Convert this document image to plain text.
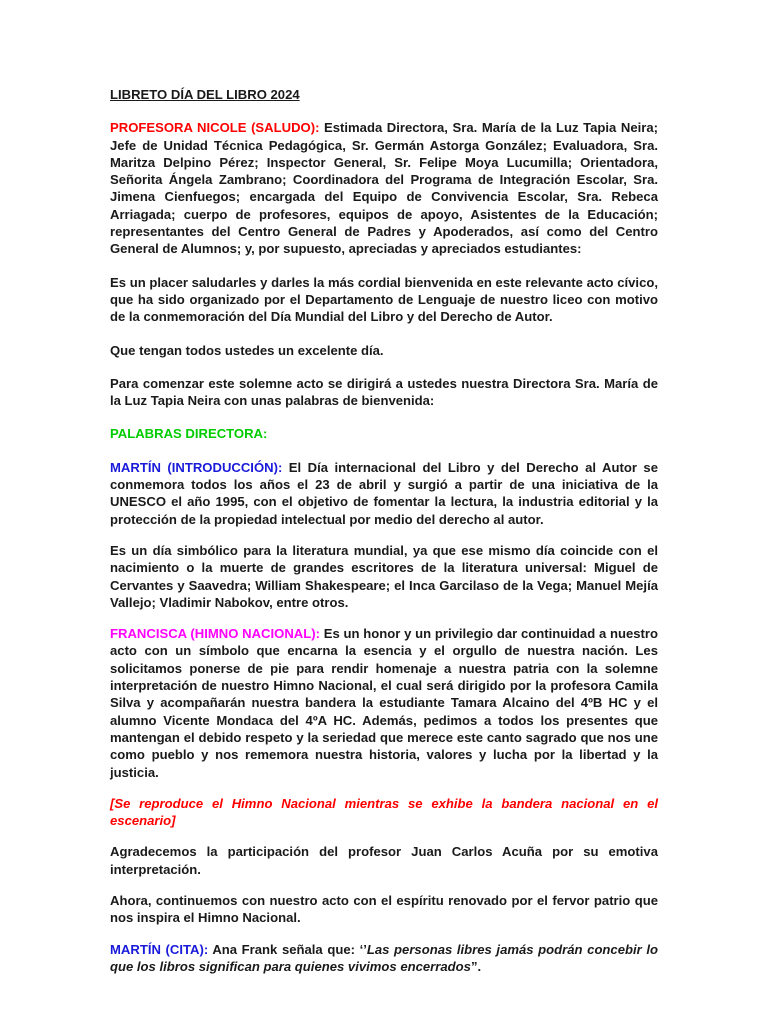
LIBRETO DÍA DEL LIBRO 2024

PROFESORA NICOLE (SALUDO): Estimada Directora, Sra. María de la Luz Tapia Neira; Jefe de Unidad Técnica Pedagógica, Sr. Germán Astorga González; Evaluadora, Sra. Maritza Delpino Pérez; Inspector General, Sr. Felipe Moya Lucumilla; Orientadora, Señorita Ángela Zambrano; Coordinadora del Programa de Integración Escolar, Sra. Jimena Cienfuegos; encargada del Equipo de Convivencia Escolar, Sra. Rebeca Arriagada; cuerpo de profesores, equipos de apoyo, Asistentes de la Educación; representantes del Centro General de Padres y Apoderados, así como del Centro General de Alumnos; y, por supuesto, apreciadas y apreciados estudiantes:

Es un placer saludarles y darles la más cordial bienvenida en este relevante acto cívico, que ha sido organizado por el Departamento de Lenguaje de nuestro liceo con motivo de la conmemoración del Día Mundial del Libro y del Derecho de Autor.

Que tengan todos ustedes un excelente día.

Para comenzar este solemne acto se dirigirá a ustedes nuestra Directora Sra. María de la Luz Tapia Neira con unas palabras de bienvenida:

PALABRAS DIRECTORA:

MARTÍN (INTRODUCCIÓN): El Día internacional del Libro y del Derecho al Autor se conmemora todos los años el 23 de abril y surgió a partir de una iniciativa de la UNESCO el año 1995, con el objetivo de fomentar la lectura, la industria editorial y la protección de la propiedad intelectual por medio del derecho al autor.

Es un día simbólico para la literatura mundial, ya que ese mismo día coincide con el nacimiento o la muerte de grandes escritores de la literatura universal: Miguel de Cervantes y Saavedra; William Shakespeare; el Inca Garcilaso de la Vega; Manuel Mejía Vallejo; Vladimir Nabokov, entre otros.

FRANCISCA (HIMNO NACIONAL): Es un honor y un privilegio dar continuidad a nuestro acto con un símbolo que encarna la esencia y el orgullo de nuestra nación. Les solicitamos ponerse de pie para rendir homenaje a nuestra patria con la solemne interpretación de nuestro Himno Nacional, el cual será dirigido por la profesora Camila Silva y acompañarán nuestra bandera la estudiante Tamara Alcaino del 4ºB HC y el alumno Vicente Mondaca del 4ºA HC. Además, pedimos a todos los presentes que mantengan el debido respeto y la seriedad que merece este canto sagrado que nos une como pueblo y nos rememora nuestra historia, valores y lucha por la libertad y la justicia.

[Se reproduce el Himno Nacional mientras se exhibe la bandera nacional en el escenario]

Agradecemos la participación del profesor Juan Carlos Acuña por su emotiva interpretación.

Ahora, continuemos con nuestro acto con el espíritu renovado por el fervor patrio que nos inspira el Himno Nacional.

MARTÍN (CITA): Ana Frank señala que: ‘’Las personas libres jamás podrán concebir lo que los libros significan para quienes vivimos encerrados”.
